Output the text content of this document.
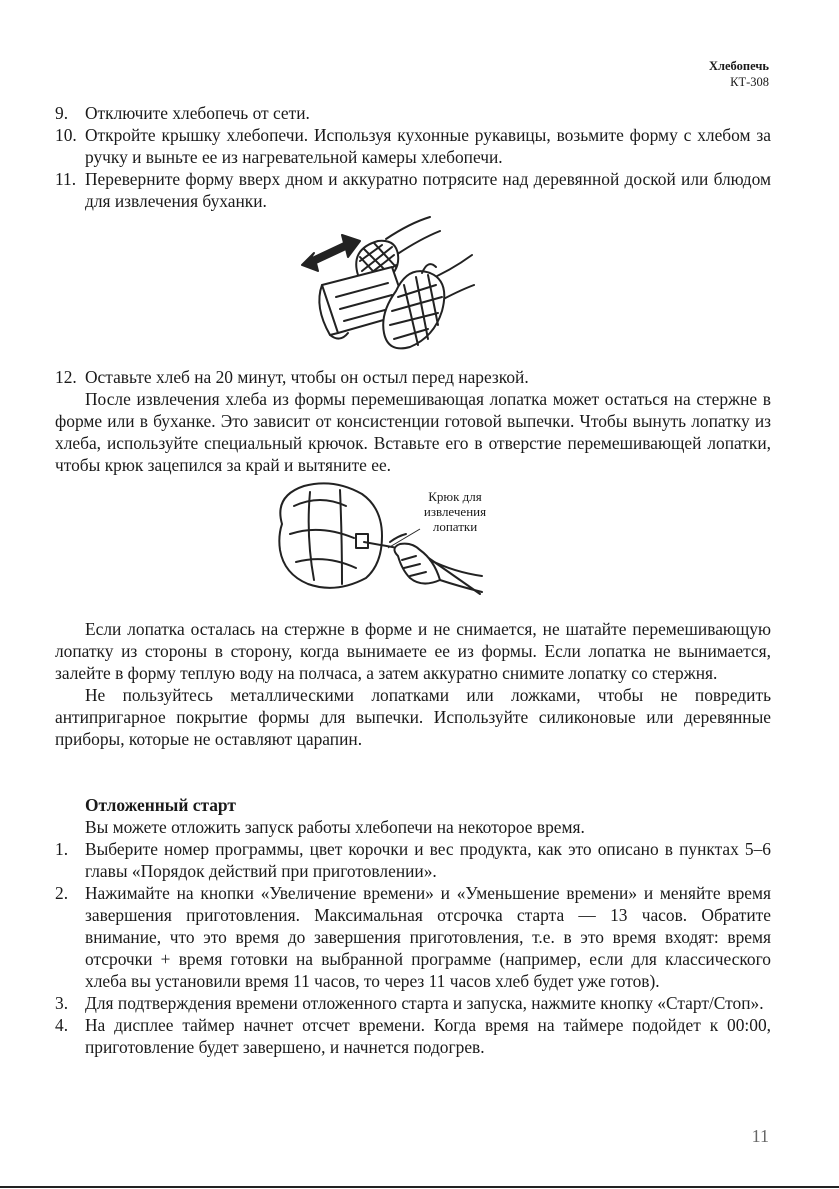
Хлебопечь
КТ-308
9. Отключите хлебопечь от сети.
10. Откройте крышку хлебопечи. Используя кухонные рукавицы, возьмите форму с хлебом за ручку и выньте ее из нагревательной камеры хлебопечи.
11. Переверните форму вверх дном и аккуратно потрясите над деревянной доской или блюдом для извлечения буханки.
12. Оставьте хлеб на 20 минут, чтобы он остыл перед нарезкой.

После извлечения хлеба из формы перемешивающая лопатка может остаться на стержне в форме или в буханке. Это зависит от консистенции готовой выпечки. Чтобы вынуть лопатку из хлеба, используйте специальный крючок. Вставьте его в отверстие перемешивающей лопатки, чтобы крюк зацепился за край и вытяните ее.

Крюк для
извлечения
лопатки

Если лопатка осталась на стержне в форме и не снимается, не шатайте перемешивающую лопатку из стороны в сторону, когда вынимаете ее из формы. Если лопатка не вынимается, залейте в форму теплую воду на полчаса, а затем аккуратно снимите лопатку со стержня.

Не пользуйтесь металлическими лопатками или ложками, чтобы не повредить антипригарное покрытие формы для выпечки. Используйте силиконовые или деревянные приборы, которые не оставляют царапин.

Отложенный старт

Вы можете отложить запуск работы хлебопечи на некоторое время.

1. Выберите номер программы, цвет корочки и вес продукта, как это описано в пунктах 5–6 главы «Порядок действий при приготовлении».
2. Нажимайте на кнопки «Увеличение времени» и «Уменьшение времени» и меняйте время завершения приготовления. Максимальная отсрочка старта — 13 часов. Обратите внимание, что это время до завершения приготовления, т.е. в это время входят: время отсрочки + время готовки на выбранной программе (например, если для классического хлеба вы установили время 11 часов, то через 11 часов хлеб будет уже готов).
3. Для подтверждения времени отложенного старта и запуска, нажмите кнопку «Старт/Стоп».
4. На дисплее таймер начнет отсчет времени. Когда время на таймере подойдет к 00:00, приготовление будет завершено, и начнется подогрев.
11
